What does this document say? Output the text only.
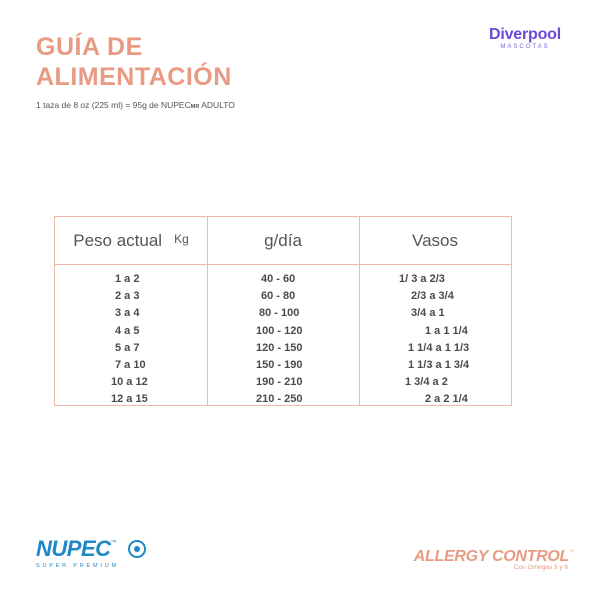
GUÍA DE
ALIMENTACIÓN
1 taza de 8 oz (225 ml) = 95g de NUPECMR ADULTO
Diverpool
MASCOTAS
Peso actual Kg	g/día	Vasos
1 a 2	40 - 60	1/ 3 a 2/3
2 a 3	60 - 80	2/3 a 3/4
3 a 4	80 - 100	3/4 a 1
4 a 5	100 - 120	1 a 1 1/4
5 a 7	120 - 150	1 1/4 a 1 1/3
7 a 10	150 - 190	1 1/3 a 1 3/4
10 a 12	190 - 210	1 3/4 a 2
12 a 15	210 - 250	2 a 2 1/4
NUPEC™
SUPER PREMIUM
ALLERGY CONTROL™
Con Omegas 3 y 6
